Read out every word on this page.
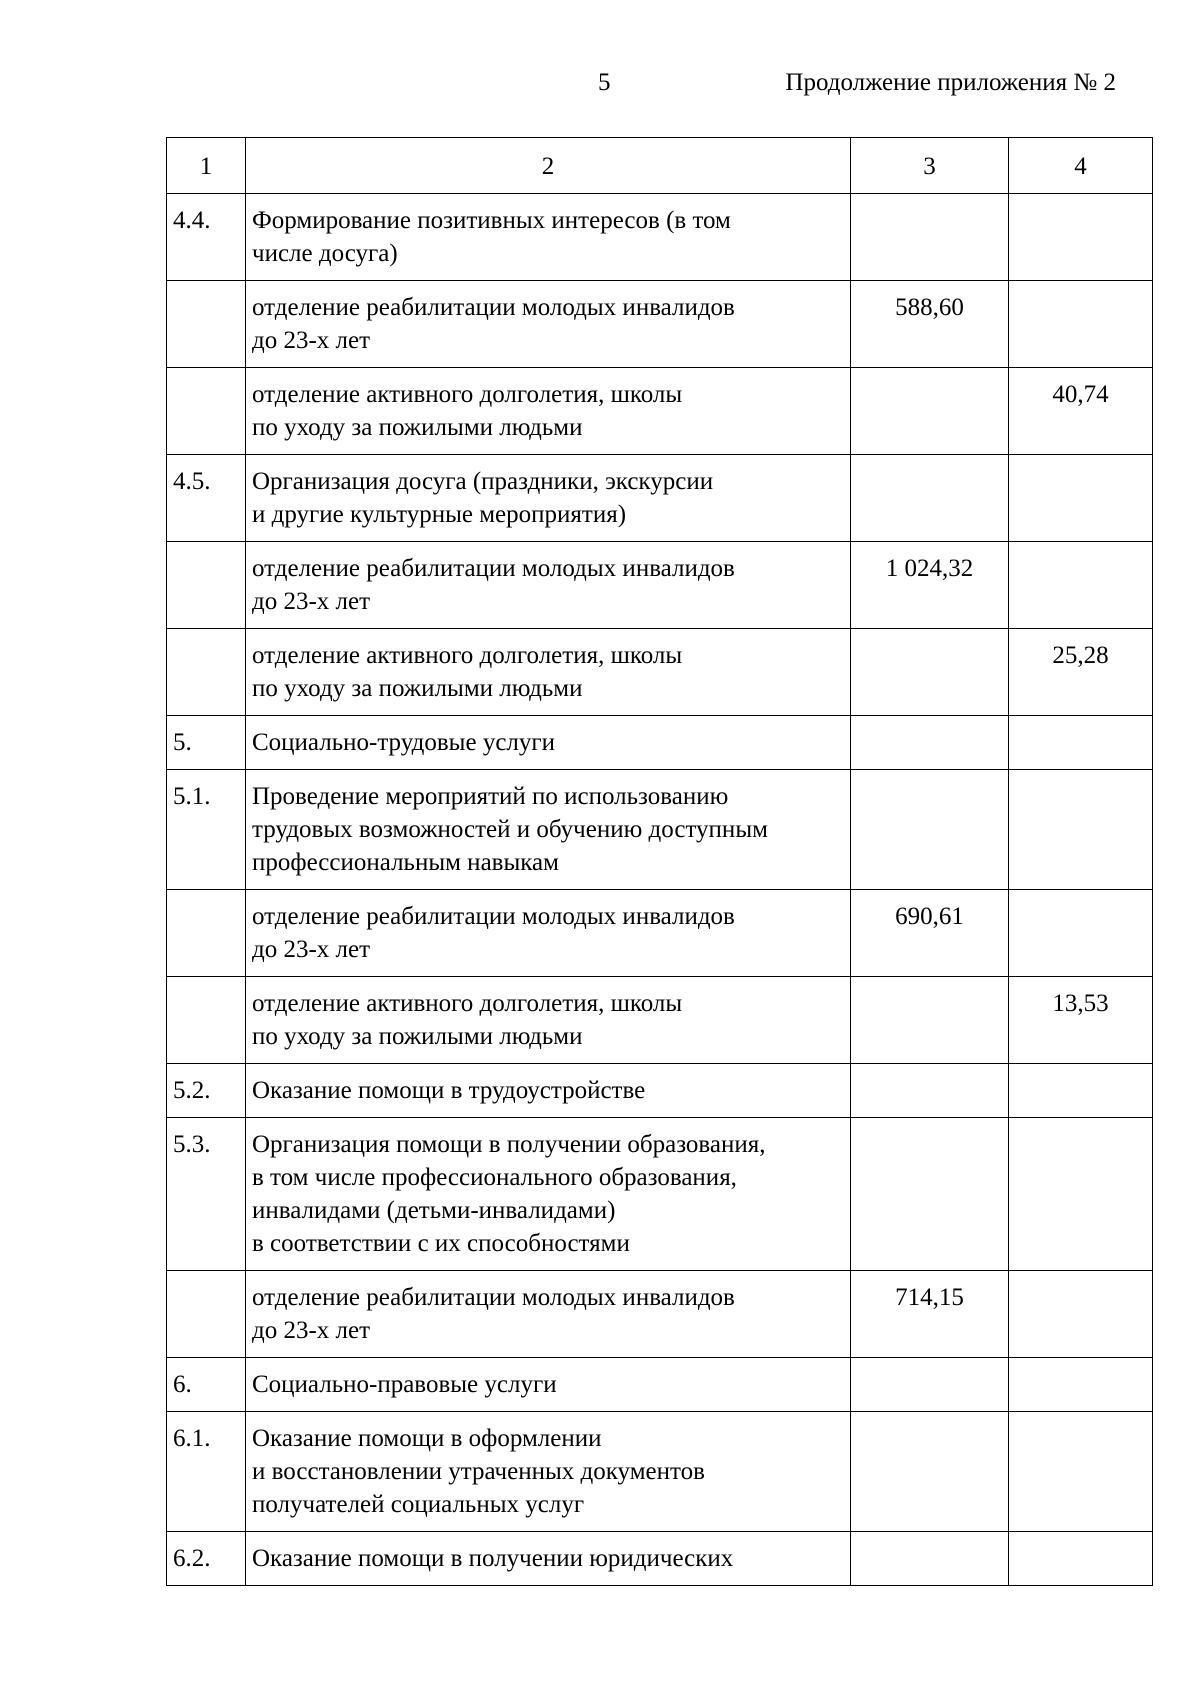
5	Продолжение приложения № 2
1	2	3	4
4.4.	Формирование позитивных интересов (в том
числе досуга)		
	отделение реабилитации молодых инвалидов
до 23-х лет	588,60	
	отделение активного долголетия, школы
по уходу за пожилыми людьми		40,74
4.5.	Организация досуга (праздники, экскурсии
и другие культурные мероприятия)		
	отделение реабилитации молодых инвалидов
до 23-х лет	1 024,32	
	отделение активного долголетия, школы
по уходу за пожилыми людьми		25,28
5.	Социально-трудовые услуги		
5.1.	Проведение мероприятий по использованию
трудовых возможностей и обучению доступным
профессиональным навыкам		
	отделение реабилитации молодых инвалидов
до 23-х лет	690,61	
	отделение активного долголетия, школы
по уходу за пожилыми людьми		13,53
5.2.	Оказание помощи в трудоустройстве		
5.3.	Организация помощи в получении образования,
в том числе профессионального образования,
инвалидами (детьми-инвалидами)
в соответствии с их способностями		
	отделение реабилитации молодых инвалидов
до 23-х лет	714,15	
6.	Социально-правовые услуги		
6.1.	Оказание помощи в оформлении
и восстановлении утраченных документов
получателей социальных услуг		
6.2.	Оказание помощи в получении юридических		
